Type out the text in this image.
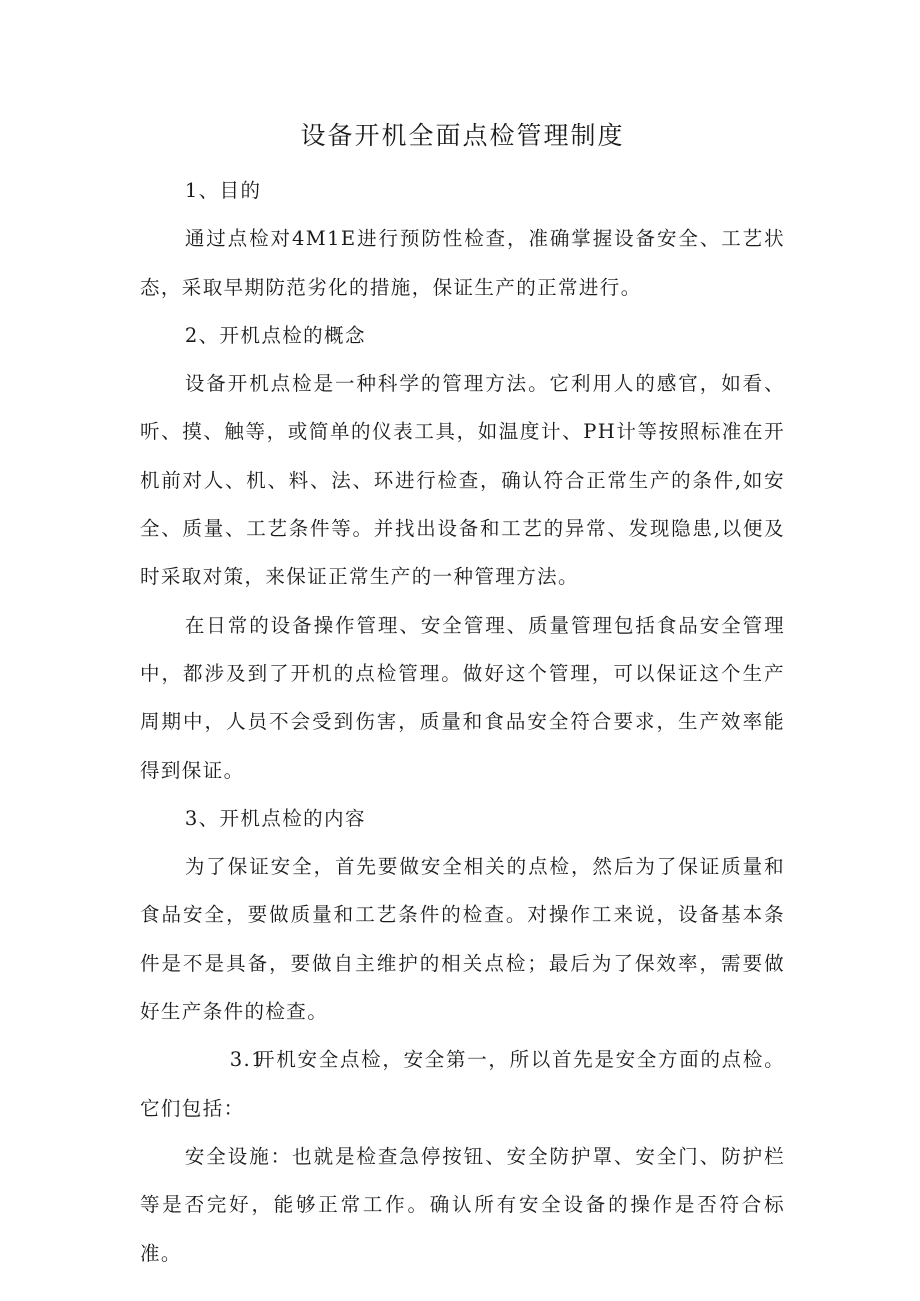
设备开机全面点检管理制度

1、目的

通过点检对4M1E进行预防性检查，准确掌握设备安全、工艺状态，采取早期防范劣化的措施，保证生产的正常进行。

2、开机点检的概念

设备开机点检是一种科学的管理方法。它利用人的感官，如看、听、摸、触等，或简单的仪表工具，如温度计、PH计等按照标准在开机前对人、机、料、法、环进行检查，确认符合正常生产的条件,如安全、质量、工艺条件等。并找出设备和工艺的异常、发现隐患,以便及时采取对策，来保证正常生产的一种管理方法。

在日常的设备操作管理、安全管理、质量管理包括食品安全管理中，都涉及到了开机的点检管理。做好这个管理，可以保证这个生产周期中，人员不会受到伤害，质量和食品安全符合要求，生产效率能得到保证。

3、开机点检的内容

为了保证安全，首先要做安全相关的点检，然后为了保证质量和食品安全，要做质量和工艺条件的检查。对操作工来说，设备基本条件是不是具备，要做自主维护的相关点检；最后为了保效率，需要做好生产条件的检查。

3.1开机安全点检，安全第一，所以首先是安全方面的点检。它们包括：

安全设施：也就是检查急停按钮、安全防护罩、安全门、防护栏等是否完好，能够正常工作。确认所有安全设备的操作是否符合标准。
